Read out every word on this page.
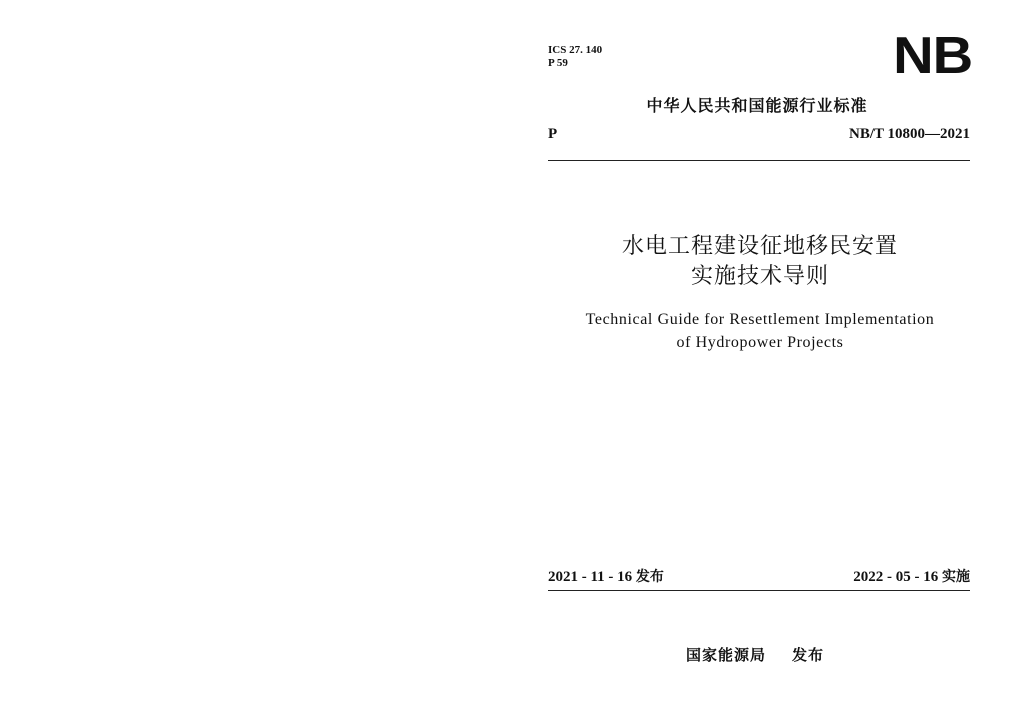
ICS 27. 140
P 59	NB
中华人民共和国能源行业标准
P	NB/T 10800—2021
水电工程建设征地移民安置
实施技术导则
Technical Guide for Resettlement Implementation
of Hydropower Projects
2021 - 11 - 16 发布	2022 - 05 - 16 实施
国家能源局 发布
